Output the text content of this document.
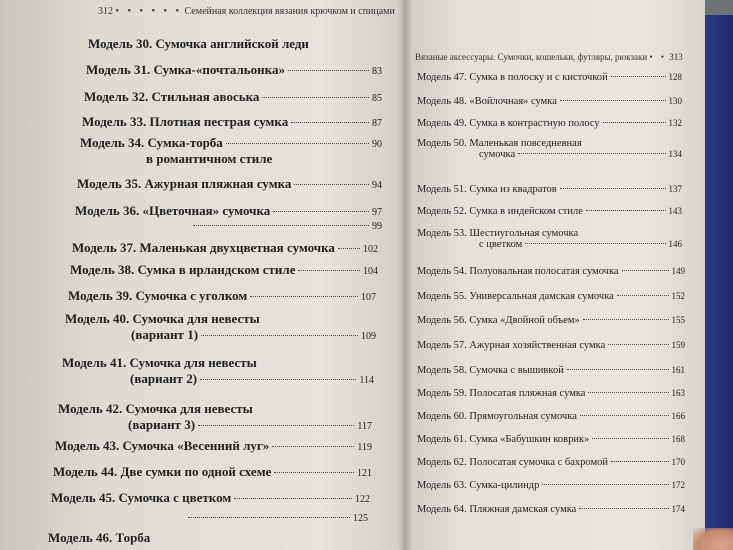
312 • • • • • • Семейная коллекция вязания крючком и спицами
Модель 30. Сумочка английской леди
Модель 31. Сумка-«почтальонка»	83
Модель 32. Стильная авоська	85
Модель 33. Плотная пестрая сумка	87
Модель 34. Сумка-торба	90
в романтичном стиле
Модель 35. Ажурная пляжная сумка	94
Модель 36. «Цветочная» сумочка	97
99
Модель 37. Маленькая двухцветная сумочка	102
Модель 38. Сумка в ирландском стиле	104
Модель 39. Сумочка с уголком	107
Модель 40. Сумочка для невесты
(вариант 1)	109
Модель 41. Сумочка для невесты
(вариант 2)	114
Модель 42. Сумочка для невесты
(вариант 3)	117
Модель 43. Сумочка «Весенний луг»	119
Модель 44. Две сумки по одной схеме	121
Модель 45. Сумочка с цветком	122
125
Модель 46. Торба
Вязаные аксессуары. Сумочки, кошельки, футляры, рюкзаки • • 313
Модель 47. Сумка в полоску и с кисточкой	128
Модель 48. «Войлочная» сумка	130
Модель 49. Сумка в контрастную полосу	132
Модель 50. Маленькая повседневная
сумочка	134
Модель 51. Сумка из квадратов	137
Модель 52. Сумка в индейском стиле	143
Модель 53. Шестиугольная сумочка
с цветком	146
Модель 54. Полуовальная полосатая сумочка	149
Модель 55. Универсальная дамская сумочка	152
Модель 56. Сумка «Двойной объем»	155
Модель 57. Ажурная хозяйственная сумка	159
Модель 58. Сумочка с вышивкой	161
Модель 59. Полосатая пляжная сумка	163
Модель 60. Прямоугольная сумочка	166
Модель 61. Сумка «Бабушкин коврик»	168
Модель 62. Полосатая сумочка с бахромой	170
Модель 63. Сумка-цилиндр	172
Модель 64. Пляжная дамская сумка	174
